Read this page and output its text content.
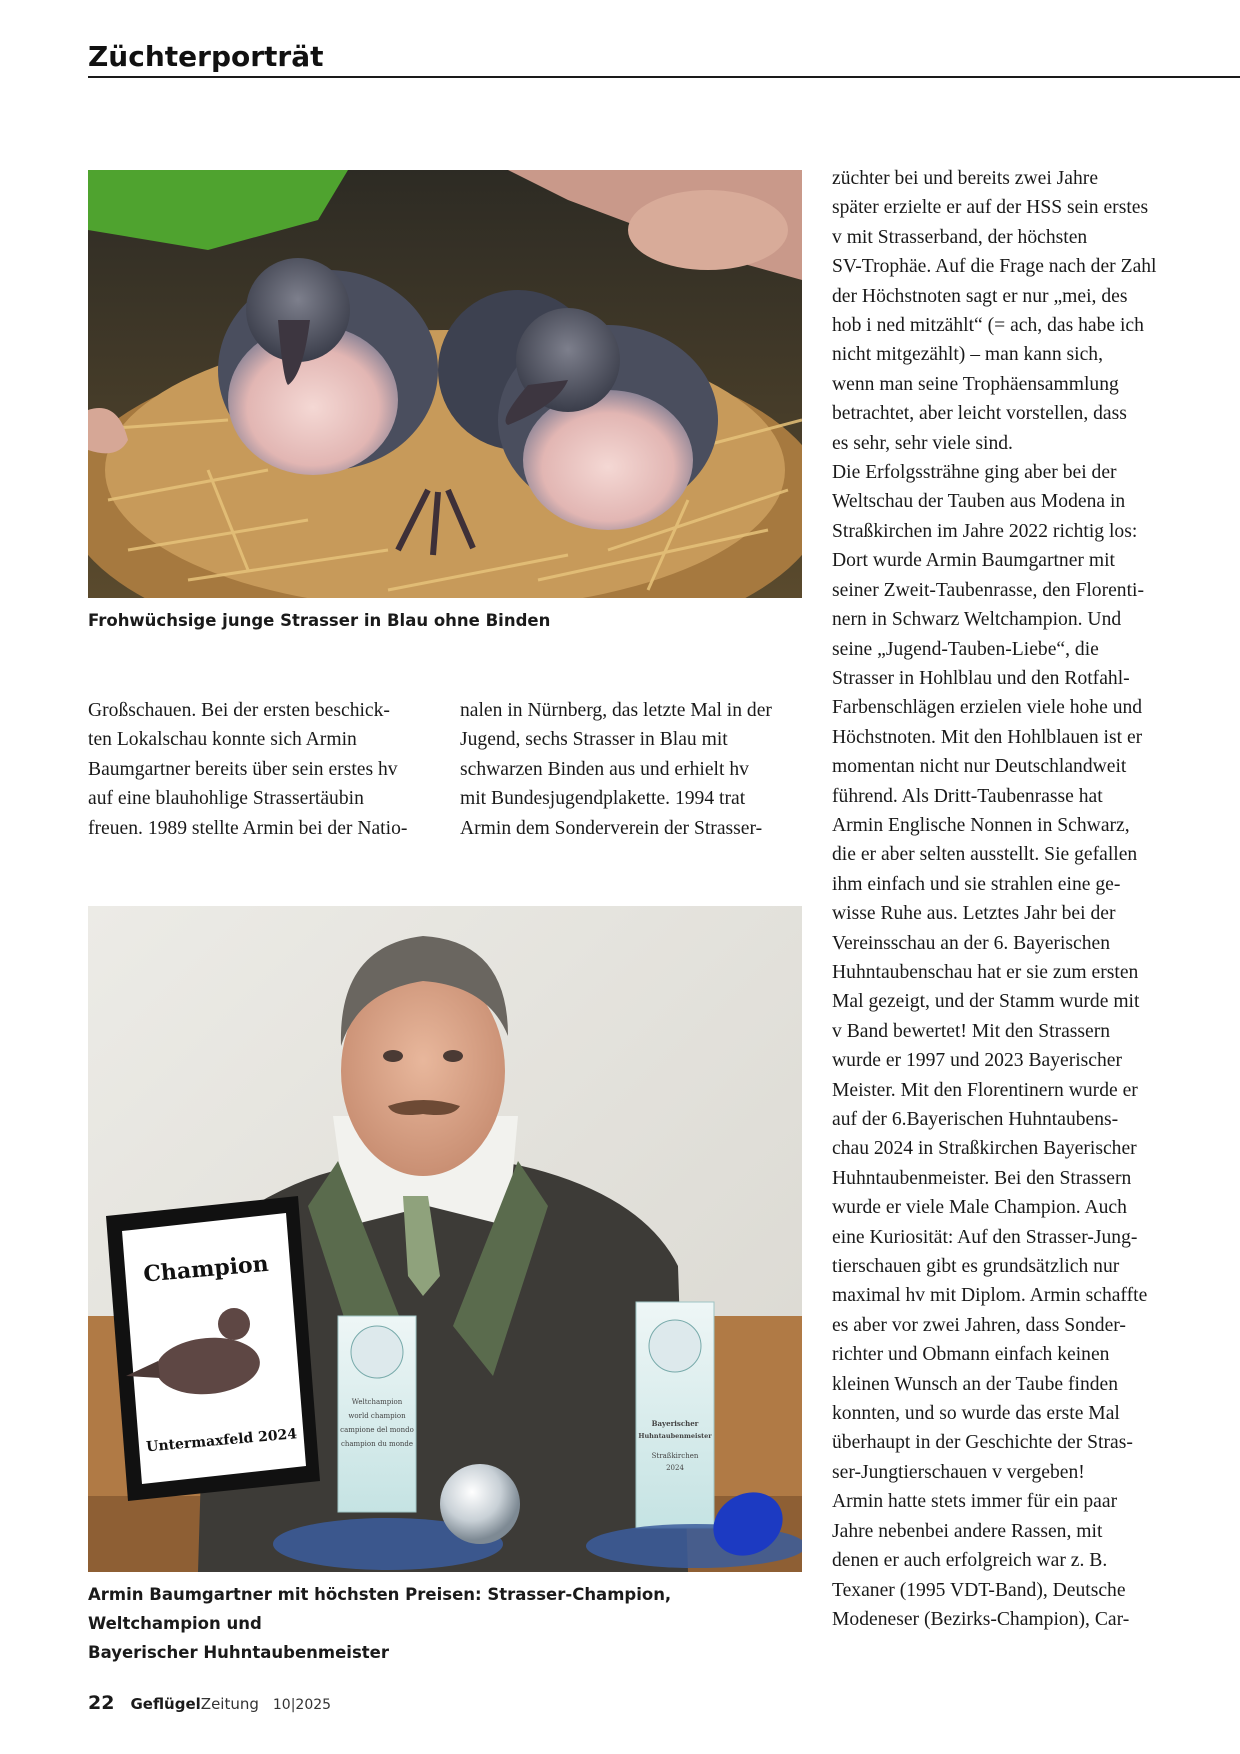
Züchterporträt

Frohwüchsige junge Strasser in Blau ohne Binden

Großschauen. Bei der ersten beschick-

ten Lokalschau konnte sich Armin

Baumgartner bereits über sein erstes hv

auf eine blauhohlige Strassertäubin

freuen. 1989 stellte Armin bei der Natio-

nalen in Nürnberg, das letzte Mal in der

Jugend, sechs Strasser in Blau mit

schwarzen Binden aus und erhielt hv

mit Bundesjugendplakette. 1994 trat

Armin dem Sonderverein der Strasser-

Champion
Untermaxfeld 2024
Weltchampion
world champion
campione del mondo
champion du monde
Bayerischer
Huhntaubenmeister
Straßkirchen
2024

Armin Baumgartner mit höchsten Preisen: Strasser-Champion, Weltchampion und
Bayerischer Huhntaubenmeister

züchter bei und bereits zwei Jahre

später erzielte er auf der HSS sein erstes

v mit Strasserband, der höchsten

SV-Trophäe. Auf die Frage nach der Zahl

der Höchstnoten sagt er nur „mei, des

hob i ned mitzählt“ (= ach, das habe ich

nicht mitgezählt) – man kann sich,

wenn man seine Trophäensammlung

betrachtet, aber leicht vorstellen, dass

es sehr, sehr viele sind.

Die Erfolgssträhne ging aber bei der

Weltschau der Tauben aus Modena in

Straßkirchen im Jahre 2022 richtig los:

Dort wurde Armin Baumgartner mit

seiner Zweit-Taubenrasse, den Florenti-

nern in Schwarz Weltchampion. Und

seine „Jugend-Tauben-Liebe“, die

Strasser in Hohlblau und den Rotfahl-

Farbenschlägen erzielen viele hohe und

Höchstnoten. Mit den Hohlblauen ist er

momentan nicht nur Deutschlandweit

führend. Als Dritt-Taubenrasse hat

Armin Englische Nonnen in Schwarz,

die er aber selten ausstellt. Sie gefallen

ihm einfach und sie strahlen eine ge-

wisse Ruhe aus. Letztes Jahr bei der

Vereinsschau an der 6. Bayerischen

Huhntaubenschau hat er sie zum ersten

Mal gezeigt, und der Stamm wurde mit

v Band bewertet! Mit den Strassern

wurde er 1997 und 2023 Bayerischer

Meister. Mit den Florentinern wurde er

auf der 6.Bayerischen Huhntaubens-

chau 2024 in Straßkirchen Bayerischer

Huhntaubenmeister. Bei den Strassern

wurde er viele Male Champion. Auch

eine Kuriosität: Auf den Strasser-Jung-

tierschauen gibt es grundsätzlich nur

maximal hv mit Diplom. Armin schaffte

es aber vor zwei Jahren, dass Sonder-

richter und Obmann einfach keinen

kleinen Wunsch an der Taube finden

konnten, und so wurde das erste Mal

überhaupt in der Geschichte der Stras-

ser-Jungtierschauen v vergeben!

Armin hatte stets immer für ein paar

Jahre nebenbei andere Rassen, mit

denen er auch erfolgreich war z. B.

Texaner (1995 VDT-Band), Deutsche

Modeneser (Bezirks-Champion), Car-

22 Geflügel Zeitung 10|2025
